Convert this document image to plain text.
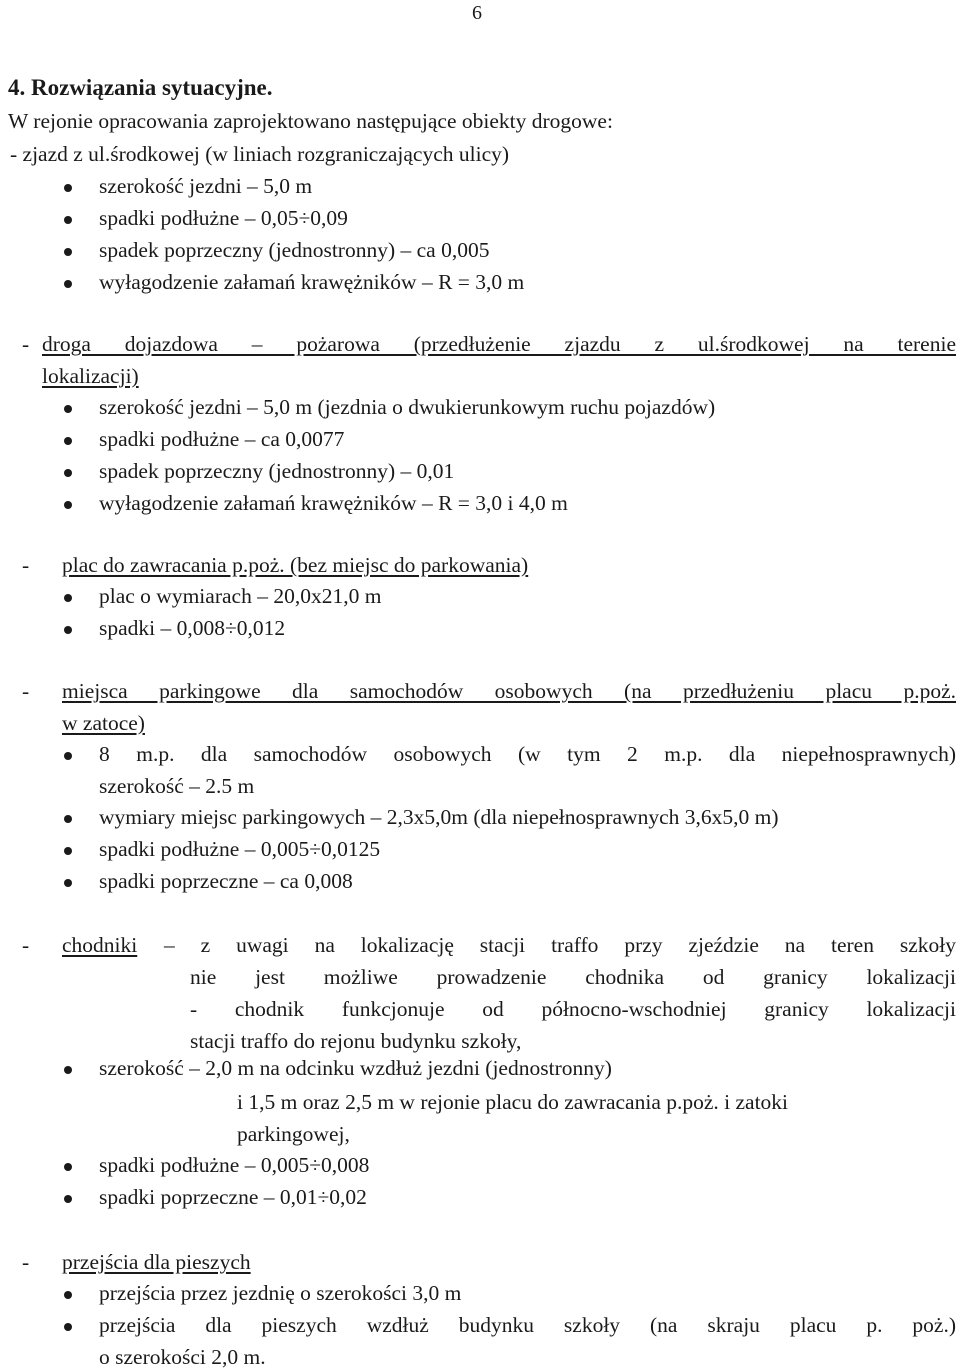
6
4. Rozwiązania sytuacyjne.
W rejonie opracowania zaprojektowano następujące obiekty drogowe:
- zjazd z ul.środkowej (w liniach rozgraniczających ulicy)
szerokość jezdni – 5,0 m
spadki podłużne – 0,05÷0,09
spadek poprzeczny (jednostronny) – ca 0,005
wyłagodzenie załamań krawężników – R = 3,0 m
- droga dojazdowa – pożarowa (przedłużenie zjazdu z ul.środkowej na terenie
lokalizacji)
szerokość jezdni – 5,0 m (jezdnia o dwukierunkowym ruchu pojazdów)
spadki podłużne – ca 0,0077
spadek poprzeczny (jednostronny) – 0,01
wyłagodzenie załamań krawężników – R = 3,0 i 4,0 m
- plac do zawracania p.poż. (bez miejsc do parkowania)
plac o wymiarach – 20,0x21,0 m
spadki – 0,008÷0,012
- miejsca parkingowe dla samochodów osobowych (na przedłużeniu placu p.poż.
w zatoce)
8 m.p. dla samochodów osobowych (w tym 2 m.p. dla niepełnosprawnych)
szerokość – 2.5 m
wymiary miejsc parkingowych – 2,3x5,0m (dla niepełnosprawnych 3,6x5,0 m)
spadki podłużne – 0,005÷0,0125
spadki poprzeczne – ca 0,008
- chodniki – z uwagi na lokalizację stacji traffo przy zjeździe na teren szkoły
nie jest możliwe prowadzenie chodnika od granicy lokalizacji
- chodnik funkcjonuje od północno-wschodniej granicy lokalizacji
stacji traffo do rejonu budynku szkoły,
szerokość – 2,0 m na odcinku wzdłuż jezdni (jednostronny)
i 1,5 m oraz 2,5 m w rejonie placu do zawracania p.poż. i zatoki
parkingowej,
spadki podłużne – 0,005÷0,008
spadki poprzeczne – 0,01÷0,02
- przejścia dla pieszych
przejścia przez jezdnię o szerokości 3,0 m
przejścia dla pieszych wzdłuż budynku szkoły (na skraju placu p. poż.)
o szerokości 2,0 m.
